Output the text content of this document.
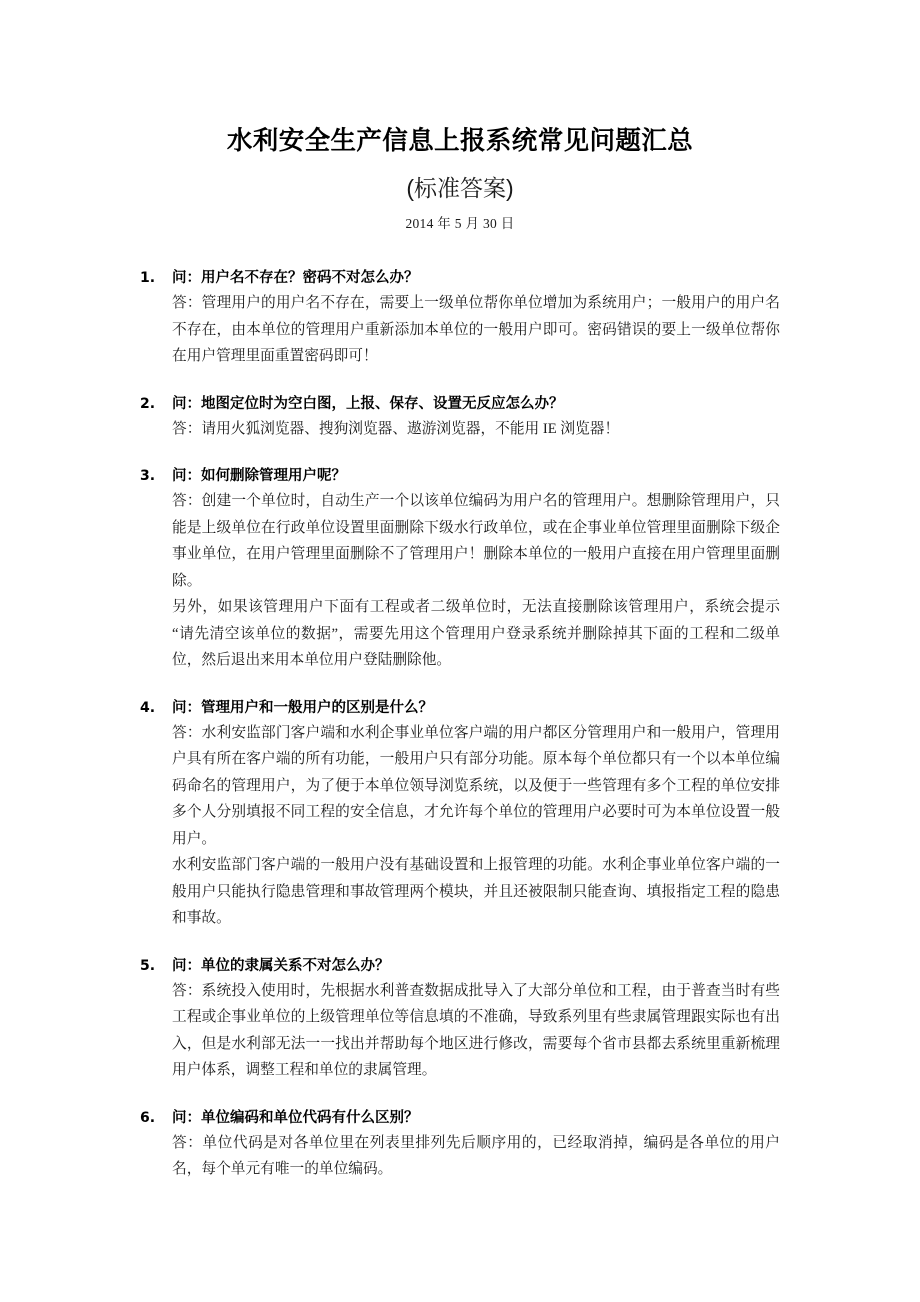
水利安全生产信息上报系统常见问题汇总
(标准答案)
2014 年 5 月 30 日
1.	问：用户名不存在？密码不对怎么办？

答：管理用户的用户名不存在，需要上一级单位帮你单位增加为系统用户；一般用户的用户名不存在，由本单位的管理用户重新添加本单位的一般用户即可。密码错误的要上一级单位帮你在用户管理里面重置密码即可！

2.	问：地图定位时为空白图，上报、保存、设置无反应怎么办？

答：请用火狐浏览器、搜狗浏览器、遨游浏览器，不能用 IE 浏览器！

3.	问：如何删除管理用户呢？

答：创建一个单位时，自动生产一个以该单位编码为用户名的管理用户。想删除管理用户，只能是上级单位在行政单位设置里面删除下级水行政单位，或在企事业单位管理里面删除下级企事业单位，在用户管理里面删除不了管理用户！删除本单位的一般用户直接在用户管理里面删除。

另外，如果该管理用户下面有工程或者二级单位时，无法直接删除该管理用户，系统会提示“请先清空该单位的数据”，需要先用这个管理用户登录系统并删除掉其下面的工程和二级单位，然后退出来用本单位用户登陆删除他。

4.	问：管理用户和一般用户的区别是什么？

答：水利安监部门客户端和水利企事业单位客户端的用户都区分管理用户和一般用户，管理用户具有所在客户端的所有功能，一般用户只有部分功能。原本每个单位都只有一个以本单位编码命名的管理用户，为了便于本单位领导浏览系统，以及便于一些管理有多个工程的单位安排多个人分别填报不同工程的安全信息，才允许每个单位的管理用户必要时可为本单位设置一般用户。

水利安监部门客户端的一般用户没有基础设置和上报管理的功能。水利企事业单位客户端的一般用户只能执行隐患管理和事故管理两个模块，并且还被限制只能查询、填报指定工程的隐患和事故。

5.	问：单位的隶属关系不对怎么办？

答：系统投入使用时，先根据水利普查数据成批导入了大部分单位和工程，由于普查当时有些工程或企事业单位的上级管理单位等信息填的不准确，导致系列里有些隶属管理跟实际也有出入，但是水利部无法一一找出并帮助每个地区进行修改，需要每个省市县都去系统里重新梳理用户体系，调整工程和单位的隶属管理。

6.	问：单位编码和单位代码有什么区别？

答：单位代码是对各单位里在列表里排列先后顺序用的，已经取消掉，编码是各单位的用户名，每个单元有唯一的单位编码。
